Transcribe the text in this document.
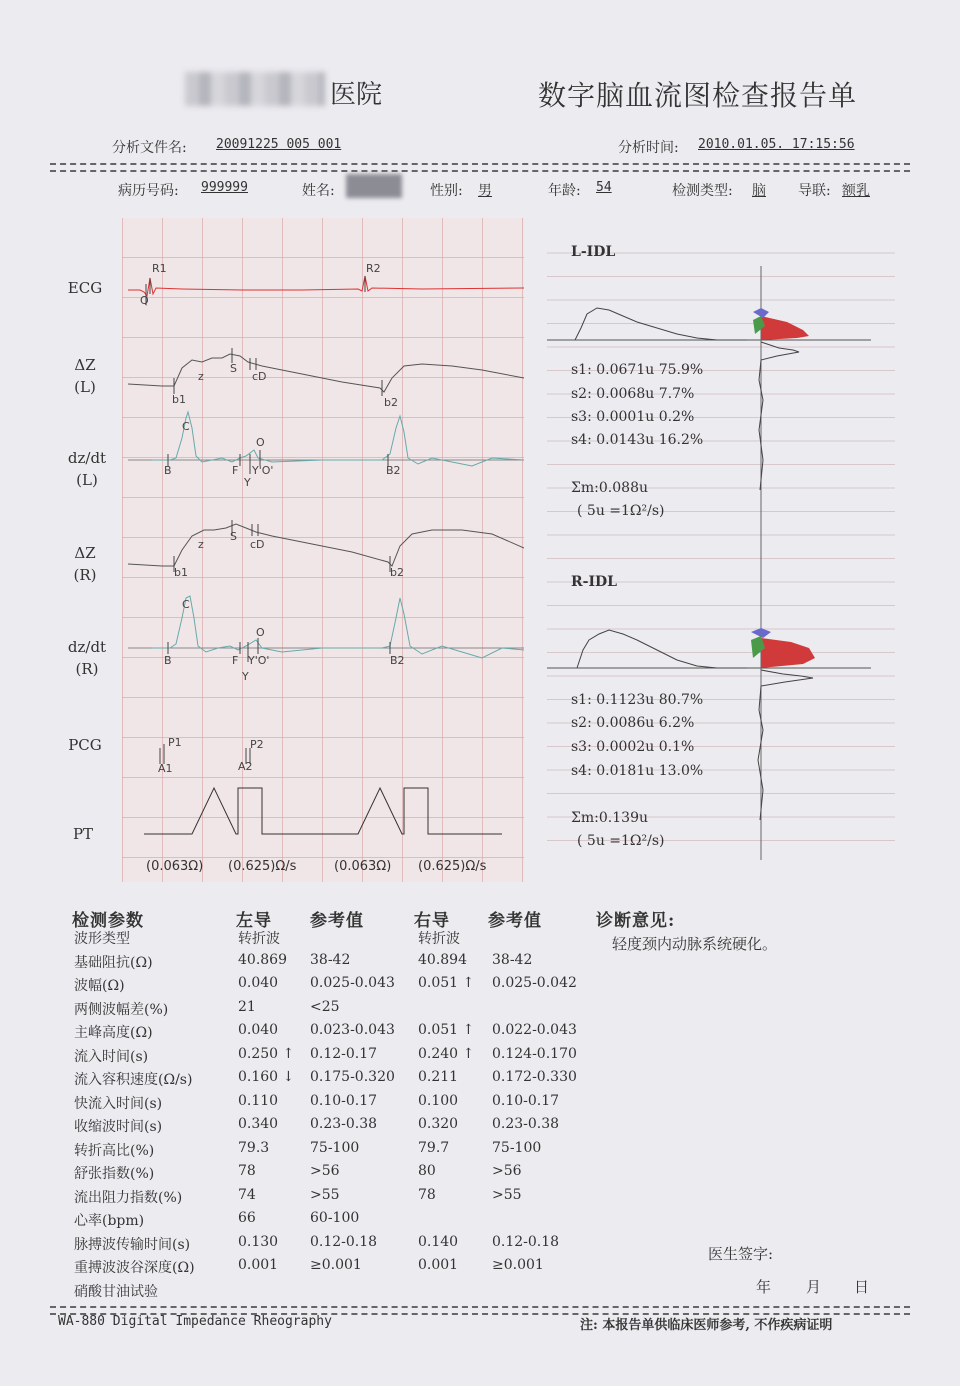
医院	数字脑血流图检查报告单
分析文件名: 20091225 005 001	分析时间: 2010.01.05. 17:15:56
病历号码: 999999	姓名:	性别: 男	年龄: 54	检测类型: 脑 导联: 额乳
ECG
ΔZ
(L)
dz/dt
(L)
ΔZ
(R)
dz/dt
(R)
PCG
PT
R1
Q
R2
z
S
cD
b1	b2
C
O
B	F Y'O'
Y
B2
z
S
cD
b1	b2
C
O
B	F Y'O'
Y
B2
P1
A1
P2
A2
(0.063Ω) (0.625)Ω/s	(0.063Ω) (0.625)Ω/s
L-IDL
s1: 0.0671u 75.9%
s2: 0.0068u 7.7%
s3: 0.0001u 0.2%
s4: 0.0143u 16.2%
Σm:0.088u
( 5u =1Ω²/s)
R-IDL
s1: 0.1123u 80.7%
s2: 0.0086u 6.2%
s3: 0.0002u 0.1%
s4: 0.0181u 13.0%
Σm:0.139u
( 5u =1Ω²/s)
检测参数	左导 参考值	右导 参考值	诊断意见:
轻度颈内动脉系统硬化。
波形类型	转折波	转折波
基础阻抗(Ω)	40.869 38-42	40.894 38-42
波幅(Ω)	0.040 0.025-0.043 0.051 ↑ 0.025-0.042
两侧波幅差(%)	21	<25
主峰高度(Ω)	0.040 0.023-0.043 0.051 ↑ 0.022-0.043
流入时间(s)	0.250 ↑ 0.12-0.17	0.240 ↑ 0.124-0.170
流入容积速度(Ω/s)	0.160 ↓ 0.175-0.320 0.211 0.172-0.330
快流入时间(s)	0.110 0.10-0.17	0.100 0.10-0.17
收缩波时间(s)	0.340 0.23-0.38	0.320 0.23-0.38
转折高比(%)	79.3	75-100	79.7	75-100
舒张指数(%)	78	>56	80	>56
流出阻力指数(%)	74	>55	78	>55
心率(bpm)	66	60-100
脉搏波传输时间(s)	0.130 0.12-0.18	0.140 0.12-0.18
重搏波波谷深度(Ω)	0.001 ≥0.001	0.001 ≥0.001
硝酸甘油试验
医生签字:
年 月 日
WA-880 Digital Impedance Rheography	注: 本报告单供临床医师参考, 不作疾病证明
